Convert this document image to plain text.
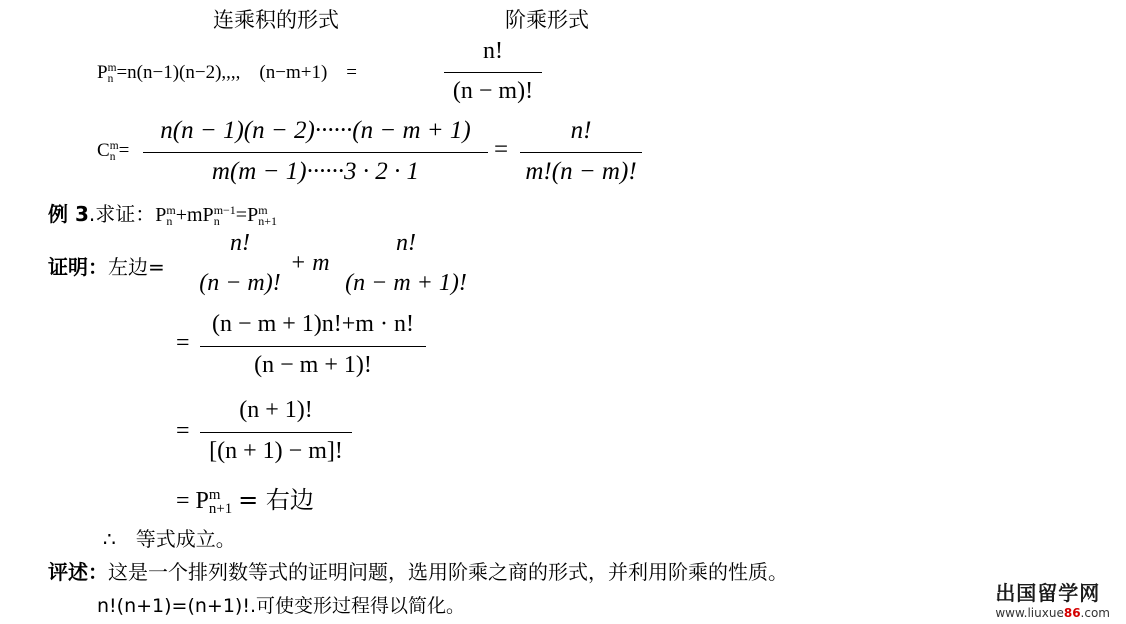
连乘积的形式	阶乘形式
P m
n =n(n−1)(n−2),,,,　(n−m+1)　=
n!
(n − m)!
C m
n =
n(n − 1)(n − 2)······(n − m + 1)
m(m − 1)······3 · 2 · 1
=
n!
m!(n − m)!
例 3.求证：P m
n +mP m−1
n =P m
n+1
证明：左边=
n!
(n − m)!
+ m
n!
(n − m + 1)!
=
(n − m + 1)n!+m · n!
(n − m + 1)!
=
(n + 1)!
[(n + 1) − m]!
= P m
n+1 = 右边
∴　等式成立。
评述：这是一个排列数等式的证明问题，选用阶乘之商的形式，并利用阶乘的性质。
n!(n+1)=(n+1)!.可使变形过程得以简化。
出国留学网
www.liuxue86.com
